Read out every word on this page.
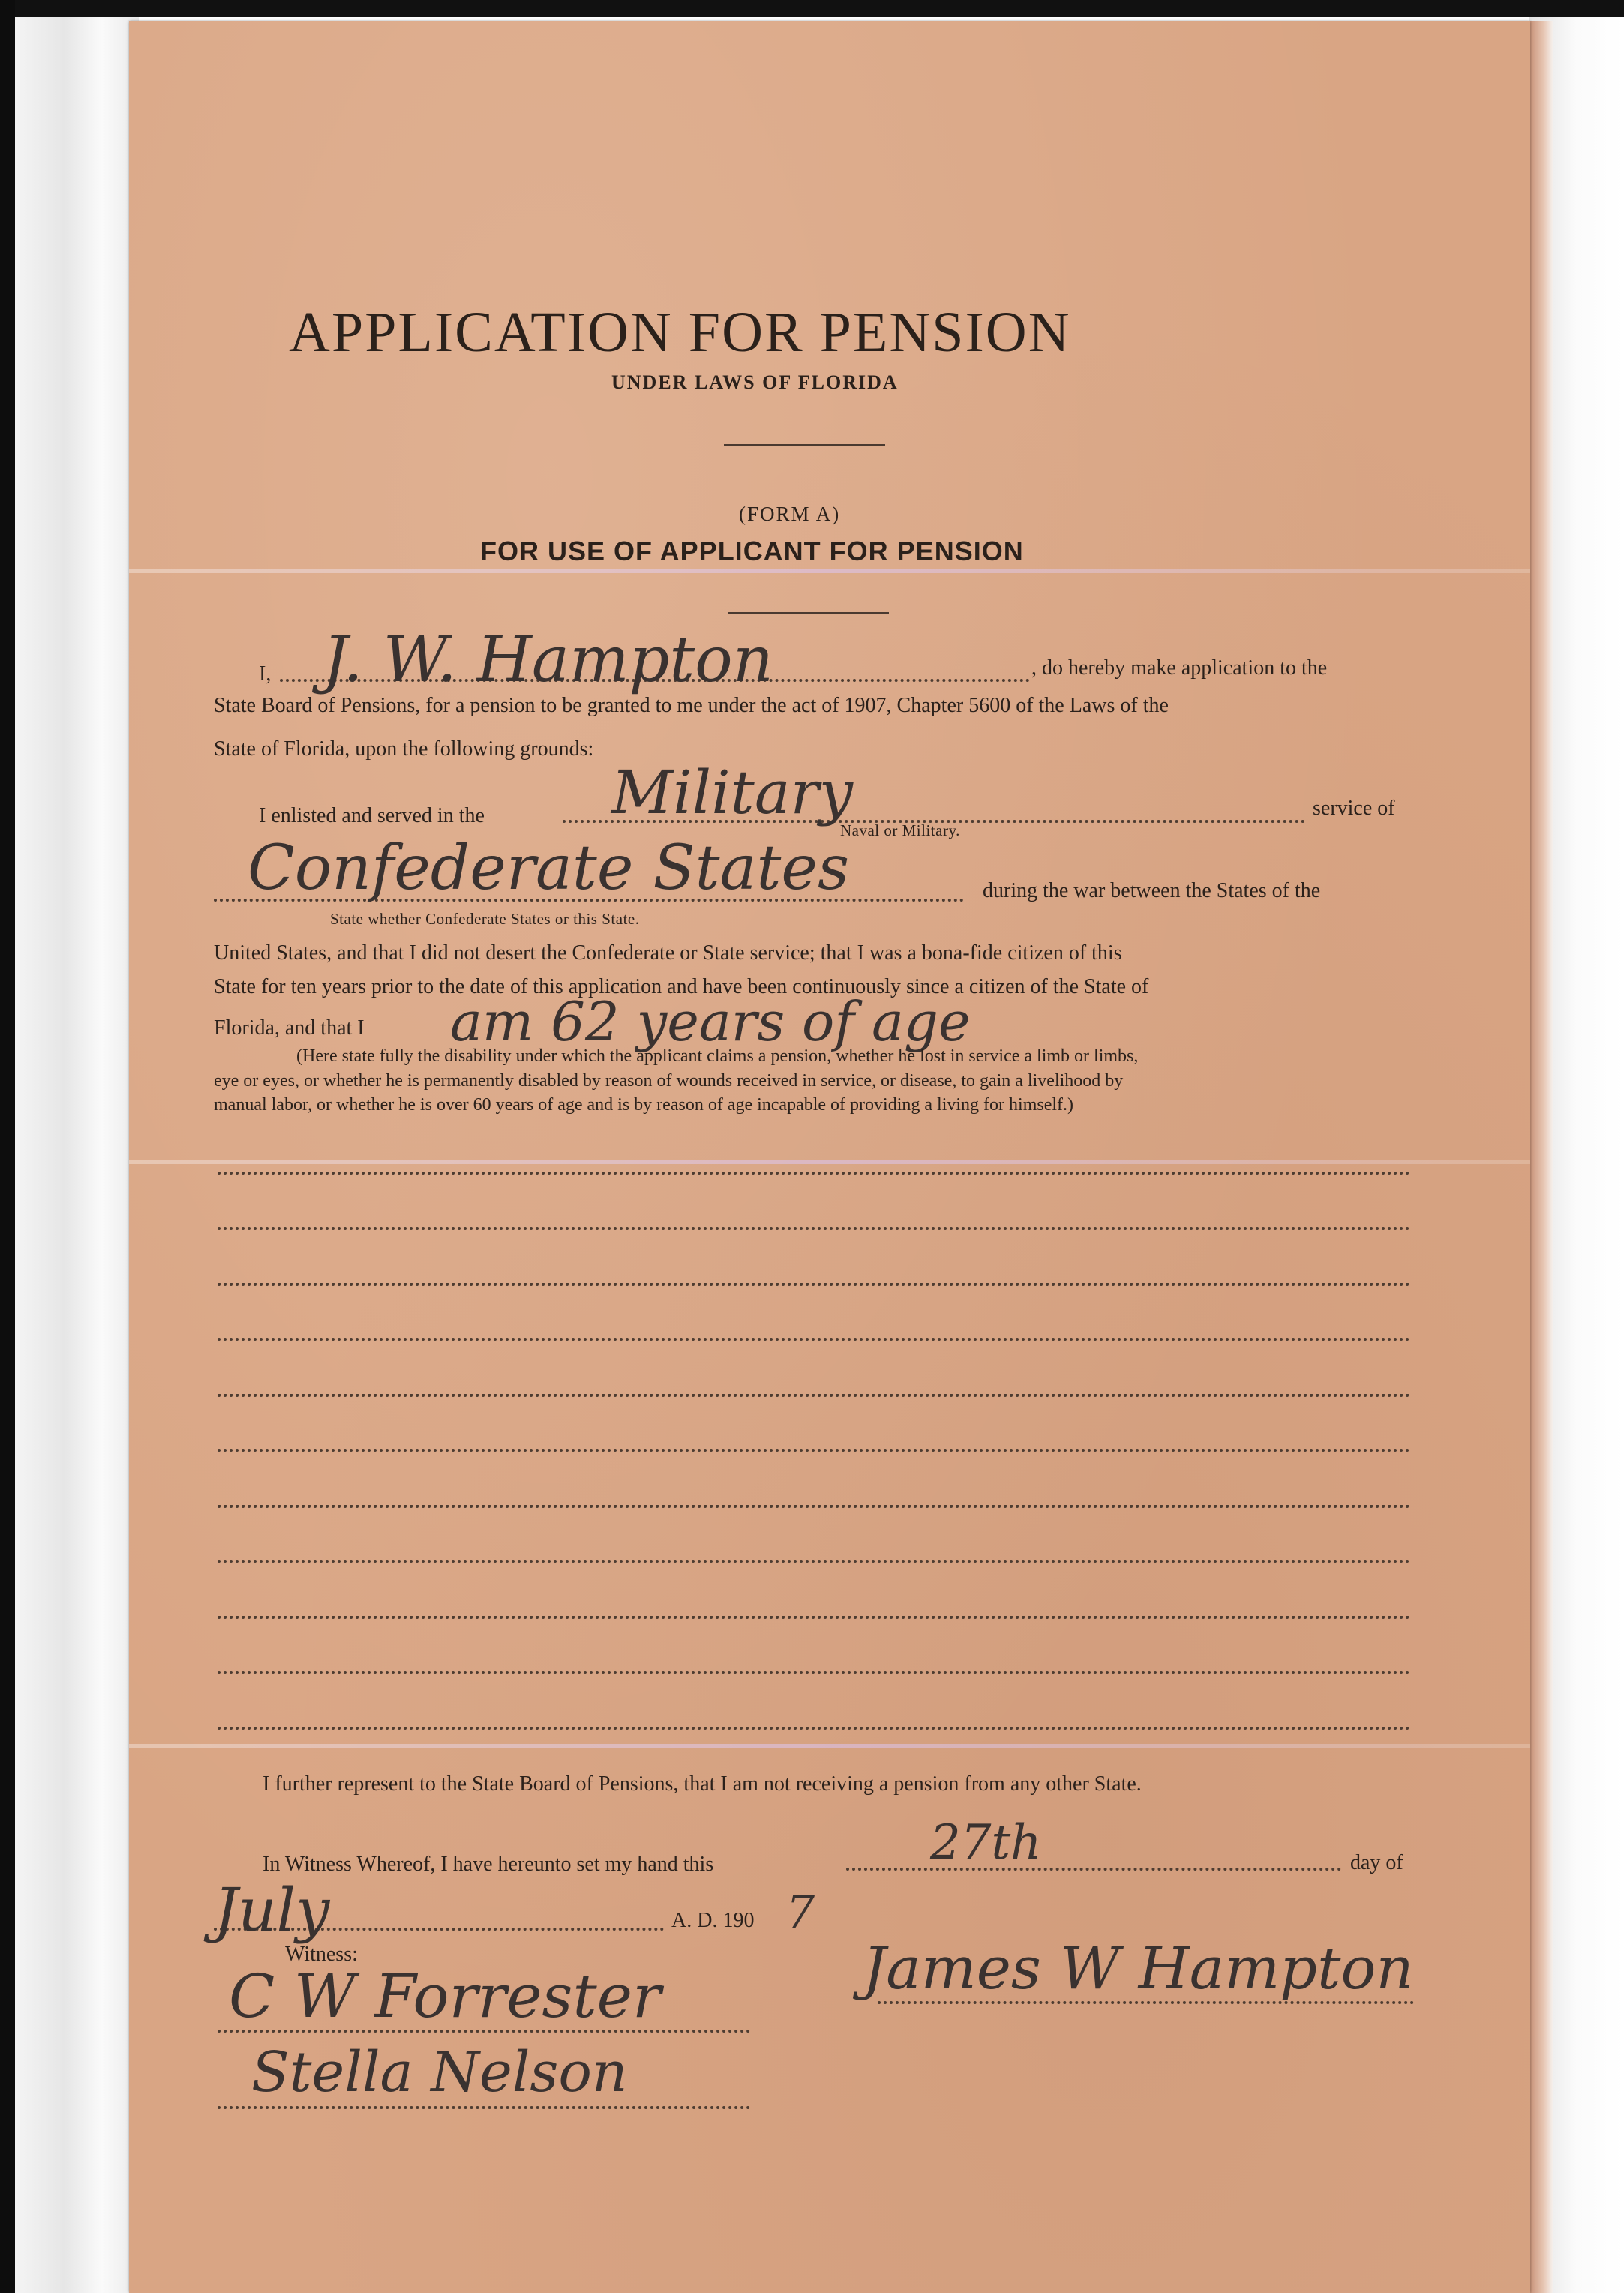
APPLICATION FOR PENSION
UNDER LAWS OF FLORIDA
(FORM A)
FOR USE OF APPLICANT FOR PENSION
I, J. W. Hampton	, do hereby make application to the
State Board of Pensions, for a pension to be granted to me under the act of 1907, Chapter 5600 of the Laws of the
State of Florida, upon the following grounds:
I enlisted and served in the Military	service of
Naval or Military.
Confederate States	during the war between the States of the
State whether Confederate States or this State.
United States, and that I did not desert the Confederate or State service; that I was a bona-fide citizen of this
State for ten years prior to the date of this application and have been continuously since a citizen of the State of
Florida, and that I am 62 years of age
(Here state fully the disability under which the applicant claims a pension, whether he lost in service a limb or limbs,
eye or eyes, or whether he is permanently disabled by reason of wounds received in service, or disease, to gain a livelihood by
manual labor, or whether he is over 60 years of age and is by reason of age incapable of providing a living for himself.)
I further represent to the State Board of Pensions, that I am not receiving a pension from any other State.
In Witness Whereof, I have hereunto set my hand this	27th	day of
July	A. D. 190 7
Witness:
C W Forrester
Stella Nelson
James W Hampton
